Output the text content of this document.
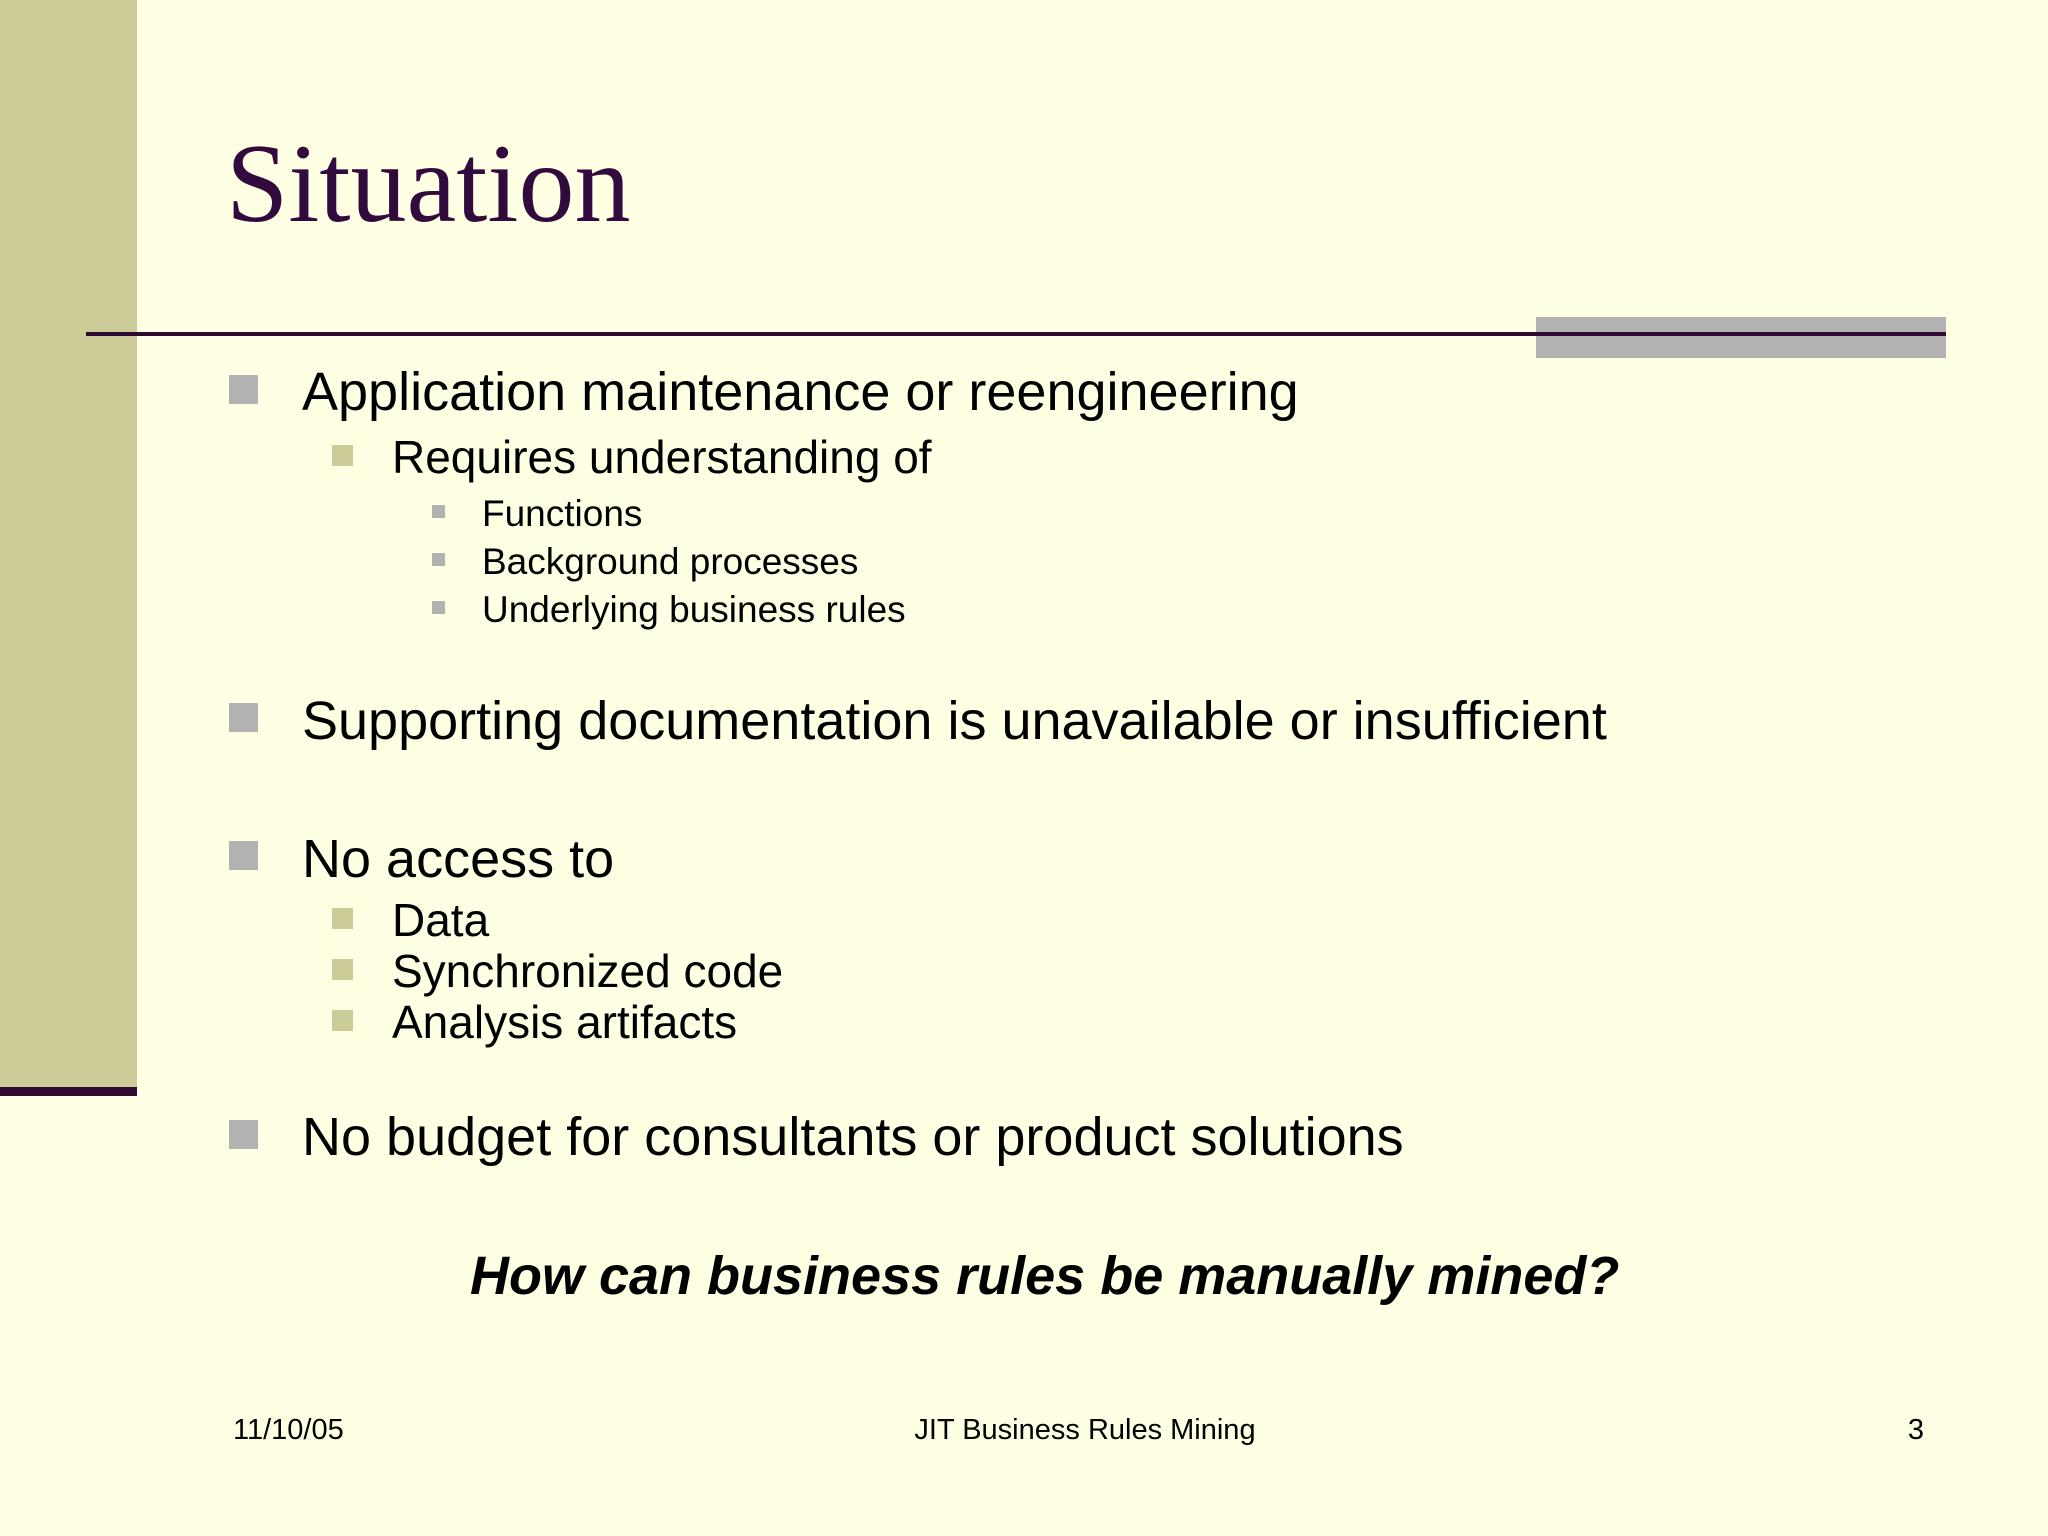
Situation
Application maintenance or reengineering
Requires understanding of
Functions
Background processes
Underlying business rules
Supporting documentation is unavailable or insufficient
No access to
Data
Synchronized code
Analysis artifacts
No budget for consultants or product solutions

How can business rules be manually mined?

11/10/05	JIT Business Rules Mining	3
